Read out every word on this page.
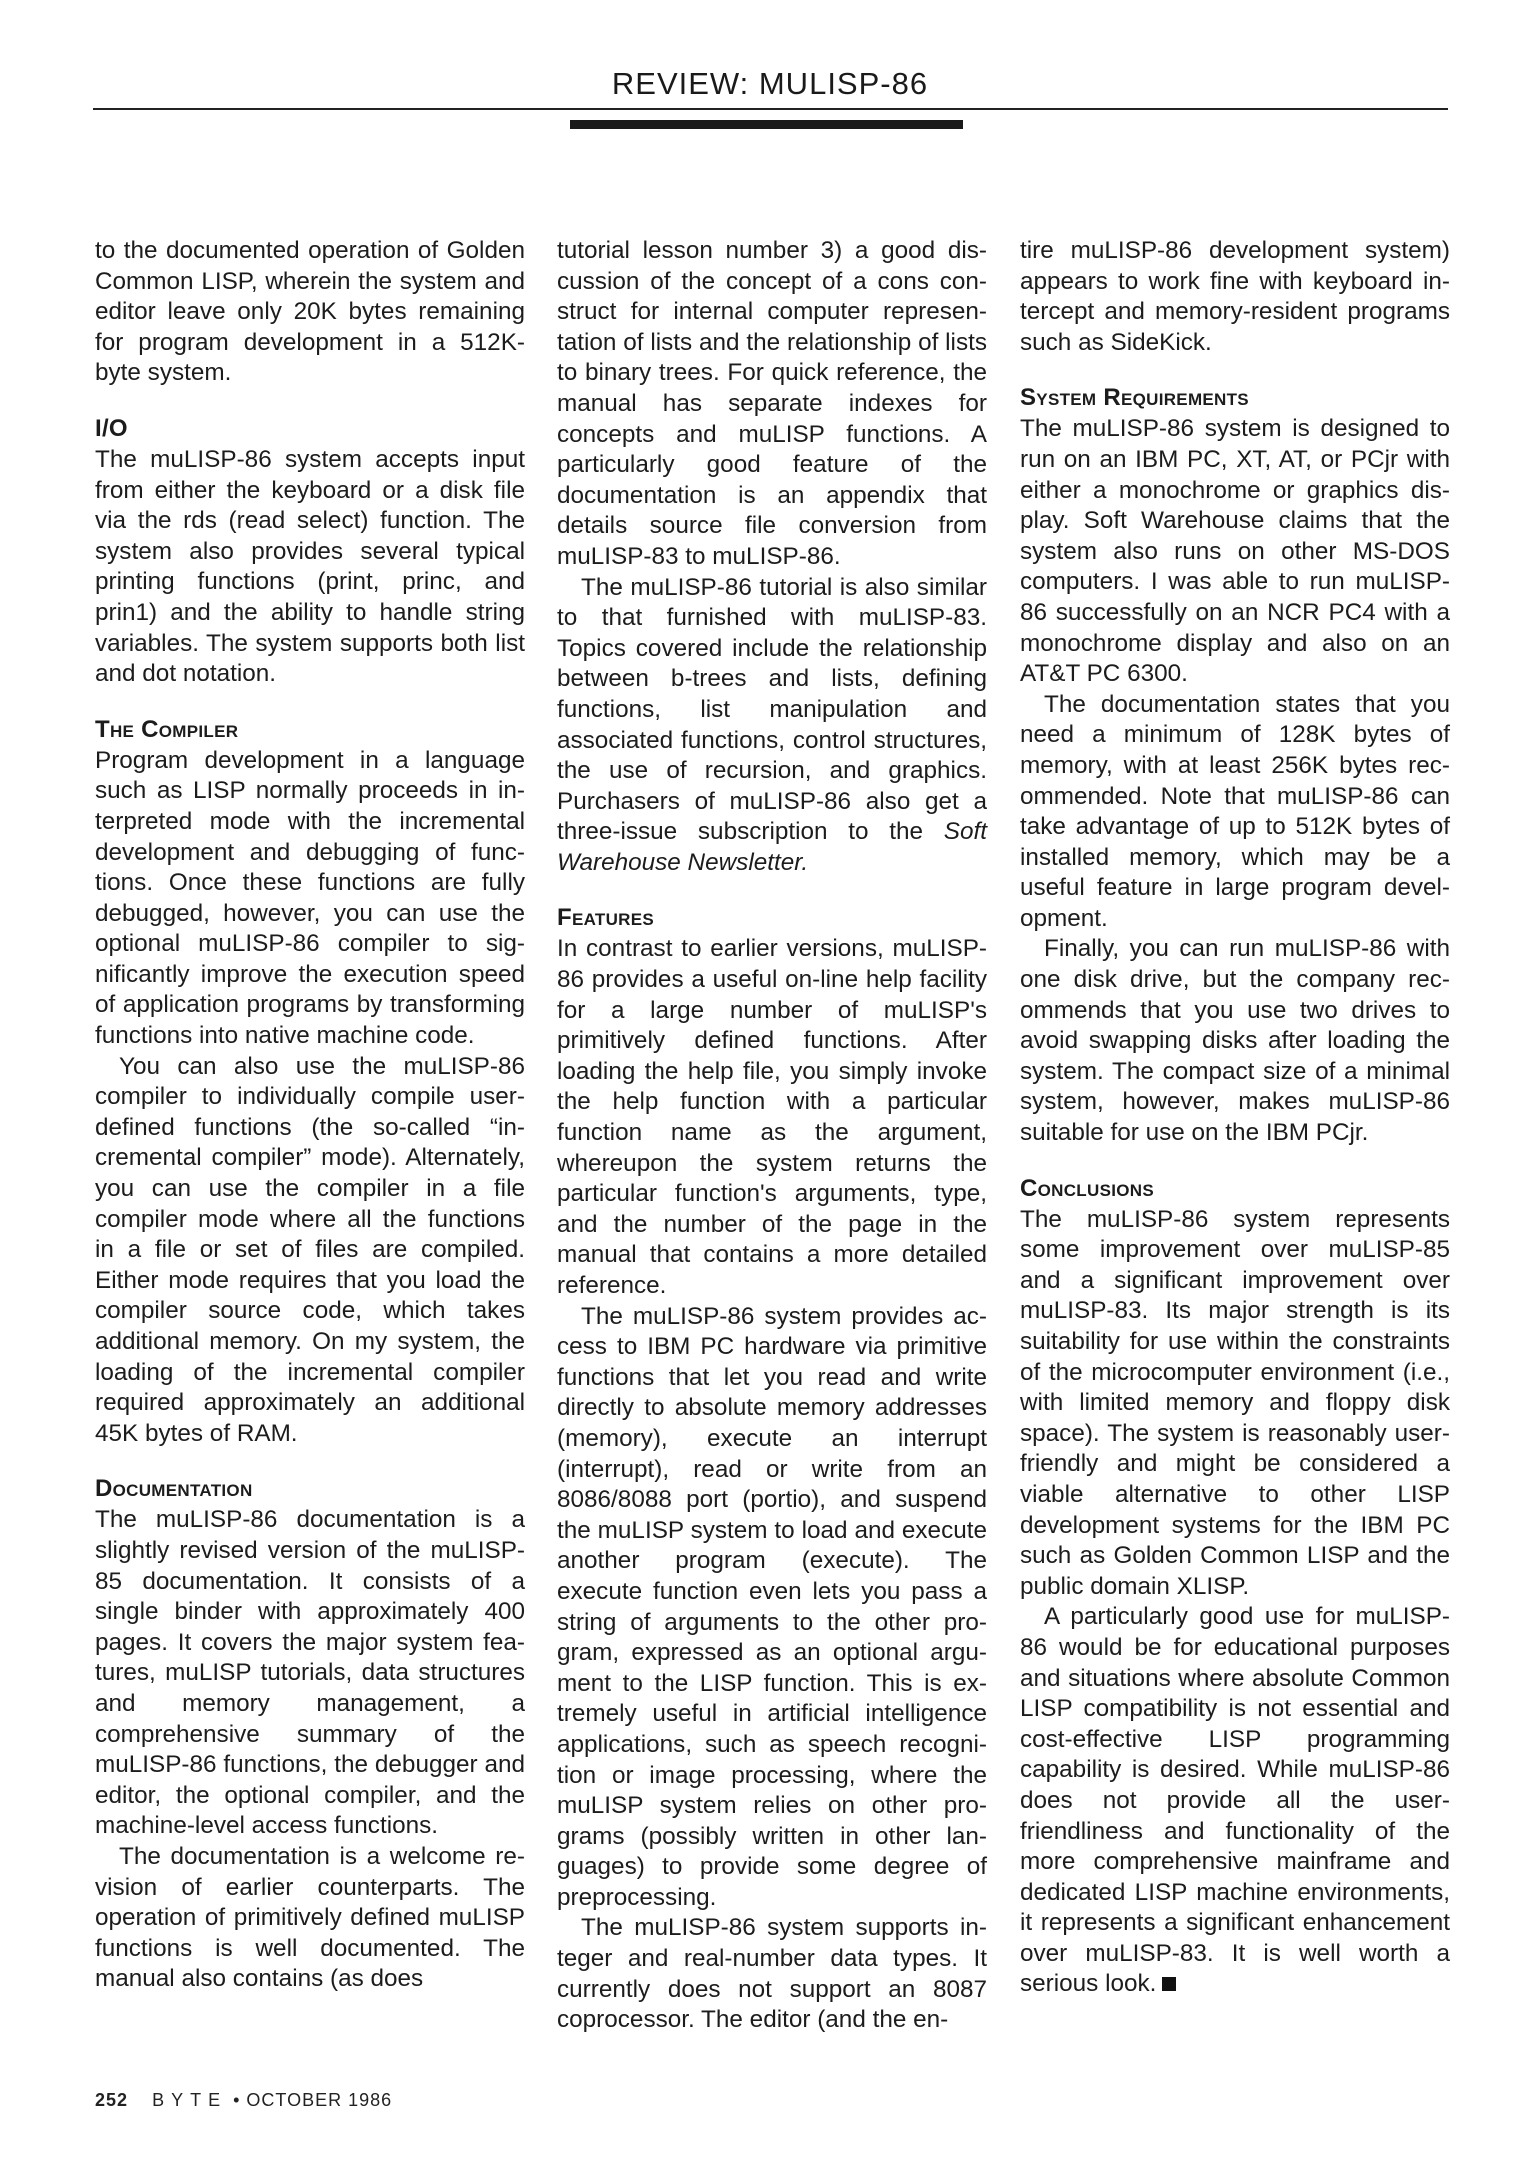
REVIEW: MULISP-86

to the documented operation of Golden Common LISP, wherein the system and editor leave only 20K bytes remaining for program development in a 512K-byte system.

I/O

The muLISP-86 system accepts input from either the keyboard or a disk file via the rds (read select) function. The system also provides several typical printing functions (print, princ, and prin1) and the ability to handle string variables. The system supports both list and dot notation.

The Compiler

Program development in a language such as LISP normally proceeds in interpreted mode with the incremental development and debugging of functions. Once these functions are fully debugged, however, you can use the optional muLISP-86 compiler to significantly improve the execution speed of application programs by transforming functions into native machine code.

You can also use the muLISP-86 compiler to individually compile user-defined functions (the so-called “incremental compiler” mode). Alternately, you can use the compiler in a file compiler mode where all the functions in a file or set of files are compiled. Either mode requires that you load the compiler source code, which takes additional memory. On my system, the loading of the incremental compiler required approximately an additional 45K bytes of RAM.

Documentation

The muLISP-86 documentation is a slightly revised version of the muLISP-85 documentation. It consists of a single binder with approximately 400 pages. It covers the major system features, muLISP tutorials, data structures and memory management, a comprehensive summary of the muLISP-86 functions, the debugger and editor, the optional compiler, and the machine-level access functions.

The documentation is a welcome revision of earlier counterparts. The operation of primitively defined muLISP functions is well documented. The manual also contains (as does

tutorial lesson number 3) a good discussion of the concept of a cons construct for internal computer representation of lists and the relationship of lists to binary trees. For quick reference, the manual has separate indexes for concepts and muLISP functions. A particularly good feature of the documentation is an appendix that details source file conversion from muLISP-83 to muLISP-86.

The muLISP-86 tutorial is also similar to that furnished with muLISP-83. Topics covered include the relationship between b-trees and lists, defining functions, list manipulation and associated functions, control structures, the use of recursion, and graphics. Purchasers of muLISP-86 also get a three-issue subscription to the Soft Warehouse Newsletter.

Features

In contrast to earlier versions, muLISP-86 provides a useful on-line help facility for a large number of muLISP's primitively defined functions. After loading the help file, you simply invoke the help function with a particular function name as the argument, whereupon the system returns the particular function's arguments, type, and the number of the page in the manual that contains a more detailed reference.

The muLISP-86 system provides access to IBM PC hardware via primitive functions that let you read and write directly to absolute memory addresses (memory), execute an interrupt (interrupt), read or write from an 8086/8088 port (portio), and suspend the muLISP system to load and execute another program (execute). The execute function even lets you pass a string of arguments to the other program, expressed as an optional argument to the LISP function. This is extremely useful in artificial intelligence applications, such as speech recognition or image processing, where the muLISP system relies on other programs (possibly written in other languages) to provide some degree of preprocessing.

The muLISP-86 system supports integer and real-number data types. It currently does not support an 8087 coprocessor. The editor (and the en-

tire muLISP-86 development system) appears to work fine with keyboard intercept and memory-resident programs such as SideKick.

System Requirements

The muLISP-86 system is designed to run on an IBM PC, XT, AT, or PCjr with either a monochrome or graphics display. Soft Warehouse claims that the system also runs on other MS-DOS computers. I was able to run muLISP-86 successfully on an NCR PC4 with a monochrome display and also on an AT&T PC 6300.

The documentation states that you need a minimum of 128K bytes of memory, with at least 256K bytes recommended. Note that muLISP-86 can take advantage of up to 512K bytes of installed memory, which may be a useful feature in large program development.

Finally, you can run muLISP-86 with one disk drive, but the company recommends that you use two drives to avoid swapping disks after loading the system. The compact size of a minimal system, however, makes muLISP-86 suitable for use on the IBM PCjr.

Conclusions

The muLISP-86 system represents some improvement over muLISP-85 and a significant improvement over muLISP-83. Its major strength is its suitability for use within the constraints of the microcomputer environment (i.e., with limited memory and floppy disk space). The system is reasonably user-friendly and might be considered a viable alternative to other LISP development systems for the IBM PC such as Golden Common LISP and the public domain XLISP.

A particularly good use for muLISP-86 would be for educational purposes and situations where absolute Common LISP compatibility is not essential and cost-effective LISP programming capability is desired. While muLISP-86 does not provide all the user-friendliness and functionality of the more comprehensive mainframe and dedicated LISP machine environments, it represents a significant enhancement over muLISP-83. It is well worth a serious look.

252 BYTE • OCTOBER 1986
